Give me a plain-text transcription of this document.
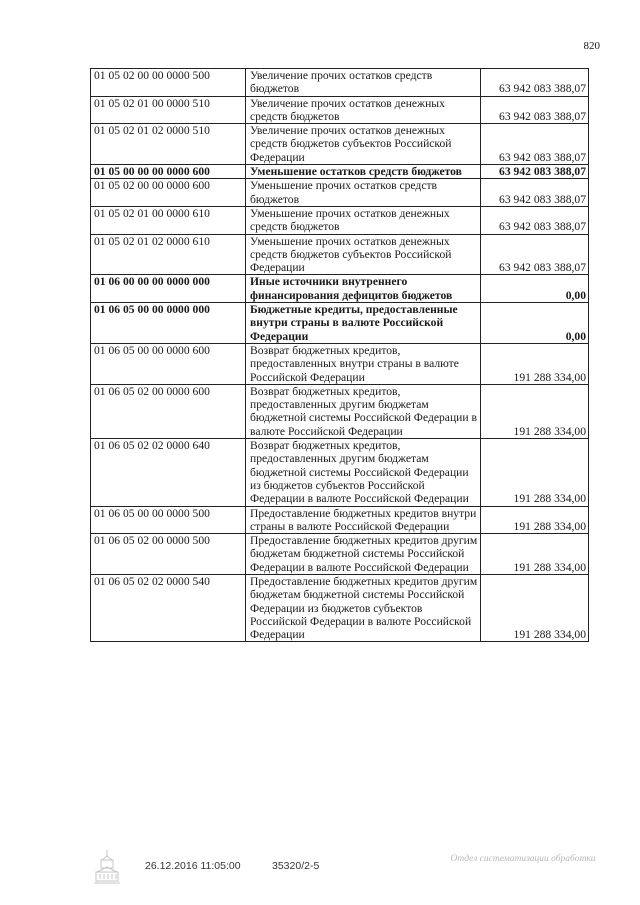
820
01 05 02 00 00 0000 500	Увеличение прочих остатков средств бюджетов	63 942 083 388,07
01 05 02 01 00 0000 510	Увеличение прочих остатков денежных средств бюджетов	63 942 083 388,07
01 05 02 01 02 0000 510	Увеличение прочих остатков денежных средств бюджетов субъектов Российской Федерации	63 942 083 388,07
01 05 00 00 00 0000 600	Уменьшение остатков средств бюджетов	63 942 083 388,07
01 05 02 00 00 0000 600	Уменьшение прочих остатков средств бюджетов	63 942 083 388,07
01 05 02 01 00 0000 610	Уменьшение прочих остатков денежных средств бюджетов	63 942 083 388,07
01 05 02 01 02 0000 610	Уменьшение прочих остатков денежных средств бюджетов субъектов Российской Федерации	63 942 083 388,07
01 06 00 00 00 0000 000	Иные источники внутреннего финансирования дефицитов бюджетов	0,00
01 06 05 00 00 0000 000	Бюджетные кредиты, предоставленные внутри страны в валюте Российской Федерации	0,00
01 06 05 00 00 0000 600	Возврат бюджетных кредитов, предоставленных внутри страны в валюте Российской Федерации	191 288 334,00
01 06 05 02 00 0000 600	Возврат бюджетных кредитов, предоставленных другим бюджетам бюджетной системы Российской Федерации в валюте Российской Федерации	191 288 334,00
01 06 05 02 02 0000 640	Возврат бюджетных кредитов, предоставленных другим бюджетам бюджетной системы Российской Федерации из бюджетов субъектов Российской Федерации в валюте Российской Федерации	191 288 334,00
01 06 05 00 00 0000 500	Предоставление бюджетных кредитов внутри страны в валюте Российской Федерации	191 288 334,00
01 06 05 02 00 0000 500	Предоставление бюджетных кредитов другим бюджетам бюджетной системы Российской Федерации в валюте Российской Федерации	191 288 334,00
01 06 05 02 02 0000 540	Предоставление бюджетных кредитов другим бюджетам бюджетной системы Российской Федерации из бюджетов субъектов Российской Федерации в валюте Российской Федерации	191 288 334,00
26.12.2016 11:05:00	35320/2-5
Отдел систематизации обработки
